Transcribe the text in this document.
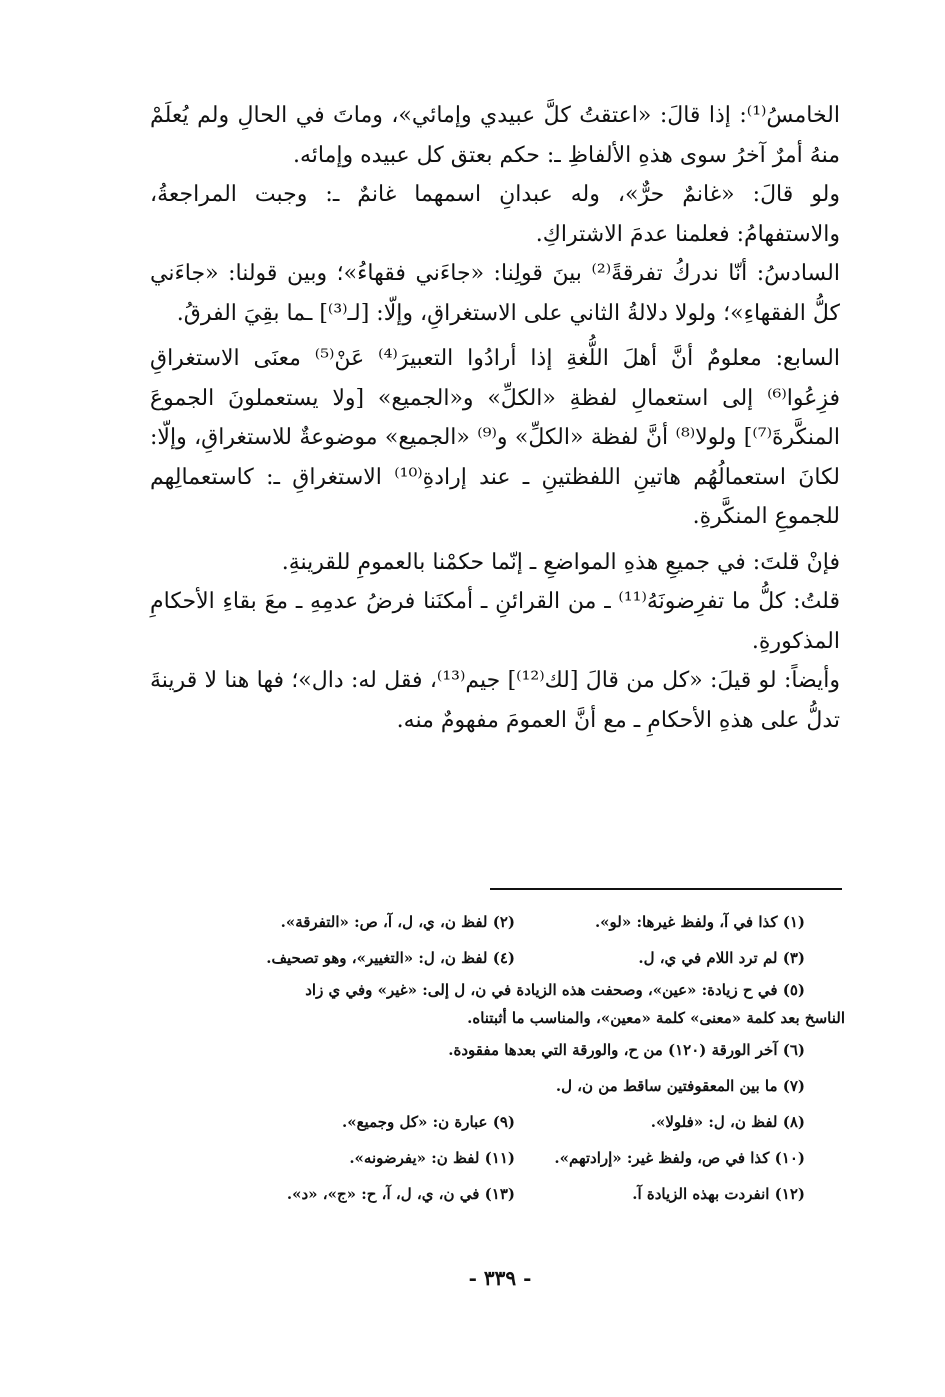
الخامسُ⁽¹⁾: إذا قالَ: «اعتقتُ كلَّ عبيدي وإمائي»، وماتَ في الحالِ ولم يُعلَمْ منهُ أمرٌ آخرُ سوى هذهِ الألفاظِ ـ: حكم بعتق كل عبيده وإمائه.

ولو قالَ: «غانمٌ حرٌّ»، وله عبدانِ اسمهما غانمٌ ـ: وجبت المراجعةُ، والاستفهامُ: فعلمنا عدمَ الاشتراكِ.

السادسُ: أنّا ندركُ تفرقةً⁽²⁾ بينَ قولِنا: «جاءَني فقهاءُ»؛ وبين قولنا: «جاءَني كلُّ الفقهاءِ»؛ ولولا دلالةُ الثاني على الاستغراقِ، وإلّا: [لـ⁽³⁾] ـما بقِيَ الفرقُ.

السابع: معلومٌ أنَّ أهلَ اللُّغةِ إذا أرادُوا التعبيرَ⁽⁴⁾ عَنْ⁽⁵⁾ معنَى الاستغراقِ فزِعُوا⁽⁶⁾ إلى استعمالِ لفظةِ «الكلِّ» و«الجميع» [ولا يستعملونَ الجموعَ المنكَّرةَ⁽⁷⁾] ولولا⁽⁸⁾ أنَّ لفظة «الكلِّ» و⁽⁹⁾ «الجميع» موضوعةٌ للاستغراقِ، وإلّا: لكانَ استعمالُهُم هاتينِ اللفظتينِ ـ عند إرادةِ⁽¹⁰⁾ الاستغراقِ ـ: كاستعمالِهم للجموعِ المنكَّرةِ.

فإنْ قلتَ: في جميعِ هذهِ المواضعِ ـ إنّما حكمْنا بالعمومِ للقرينةِ.

قلتُ: كلُّ ما تفرِضونَهُ⁽¹¹⁾ ـ من القرائنِ ـ أمكنَنا فرضُ عدمِهِ ـ معَ بقاءِ الأحكامِ المذكورةِ.

وأيضاً: لو قيلَ: «كل من قالَ [لك⁽¹²⁾] جيم⁽¹³⁾، فقل له: دال»؛ فها هنا لا قرينةَ تدلُّ على هذهِ الأحكامِ ـ مع أنَّ العمومَ مفهومٌ منه.

(١) كذا في آ، ولفظ غيرها: «لو».
(٢) لفظ ن، ي، ل، آ، ص: «التفرقة».
(٣) لم ترد اللام في ي، ل.
(٤) لفظ ن، ل: «التغيير»، وهو تصحيف.
(٥) في ح زيادة: «عين»، وصحفت هذه الزيادة في ن، ل إلى: «غير» وفي ي زاد
الناسخ بعد كلمة «معنى» كلمة «معين»، والمناسب ما أثبتناه.
(٦) آخر الورقة (١٢٠) من ح، والورقة التي بعدها مفقودة.
(٧) ما بين المعقوفتين ساقط من ن، ل.
(٨) لفظ ن، ل: «فلولا».
(٩) عبارة ن: «كل وجميع».
(١٠) كذا في ص، ولفظ غير: «إرادتهم».
(١١) لفظ ن: «يفرضونه».
(١٢) انفردت بهذه الزيادة آ.
(١٣) في ن، ي، ل، آ، ح: «ج»، «د».
- ٣٣٩ -
